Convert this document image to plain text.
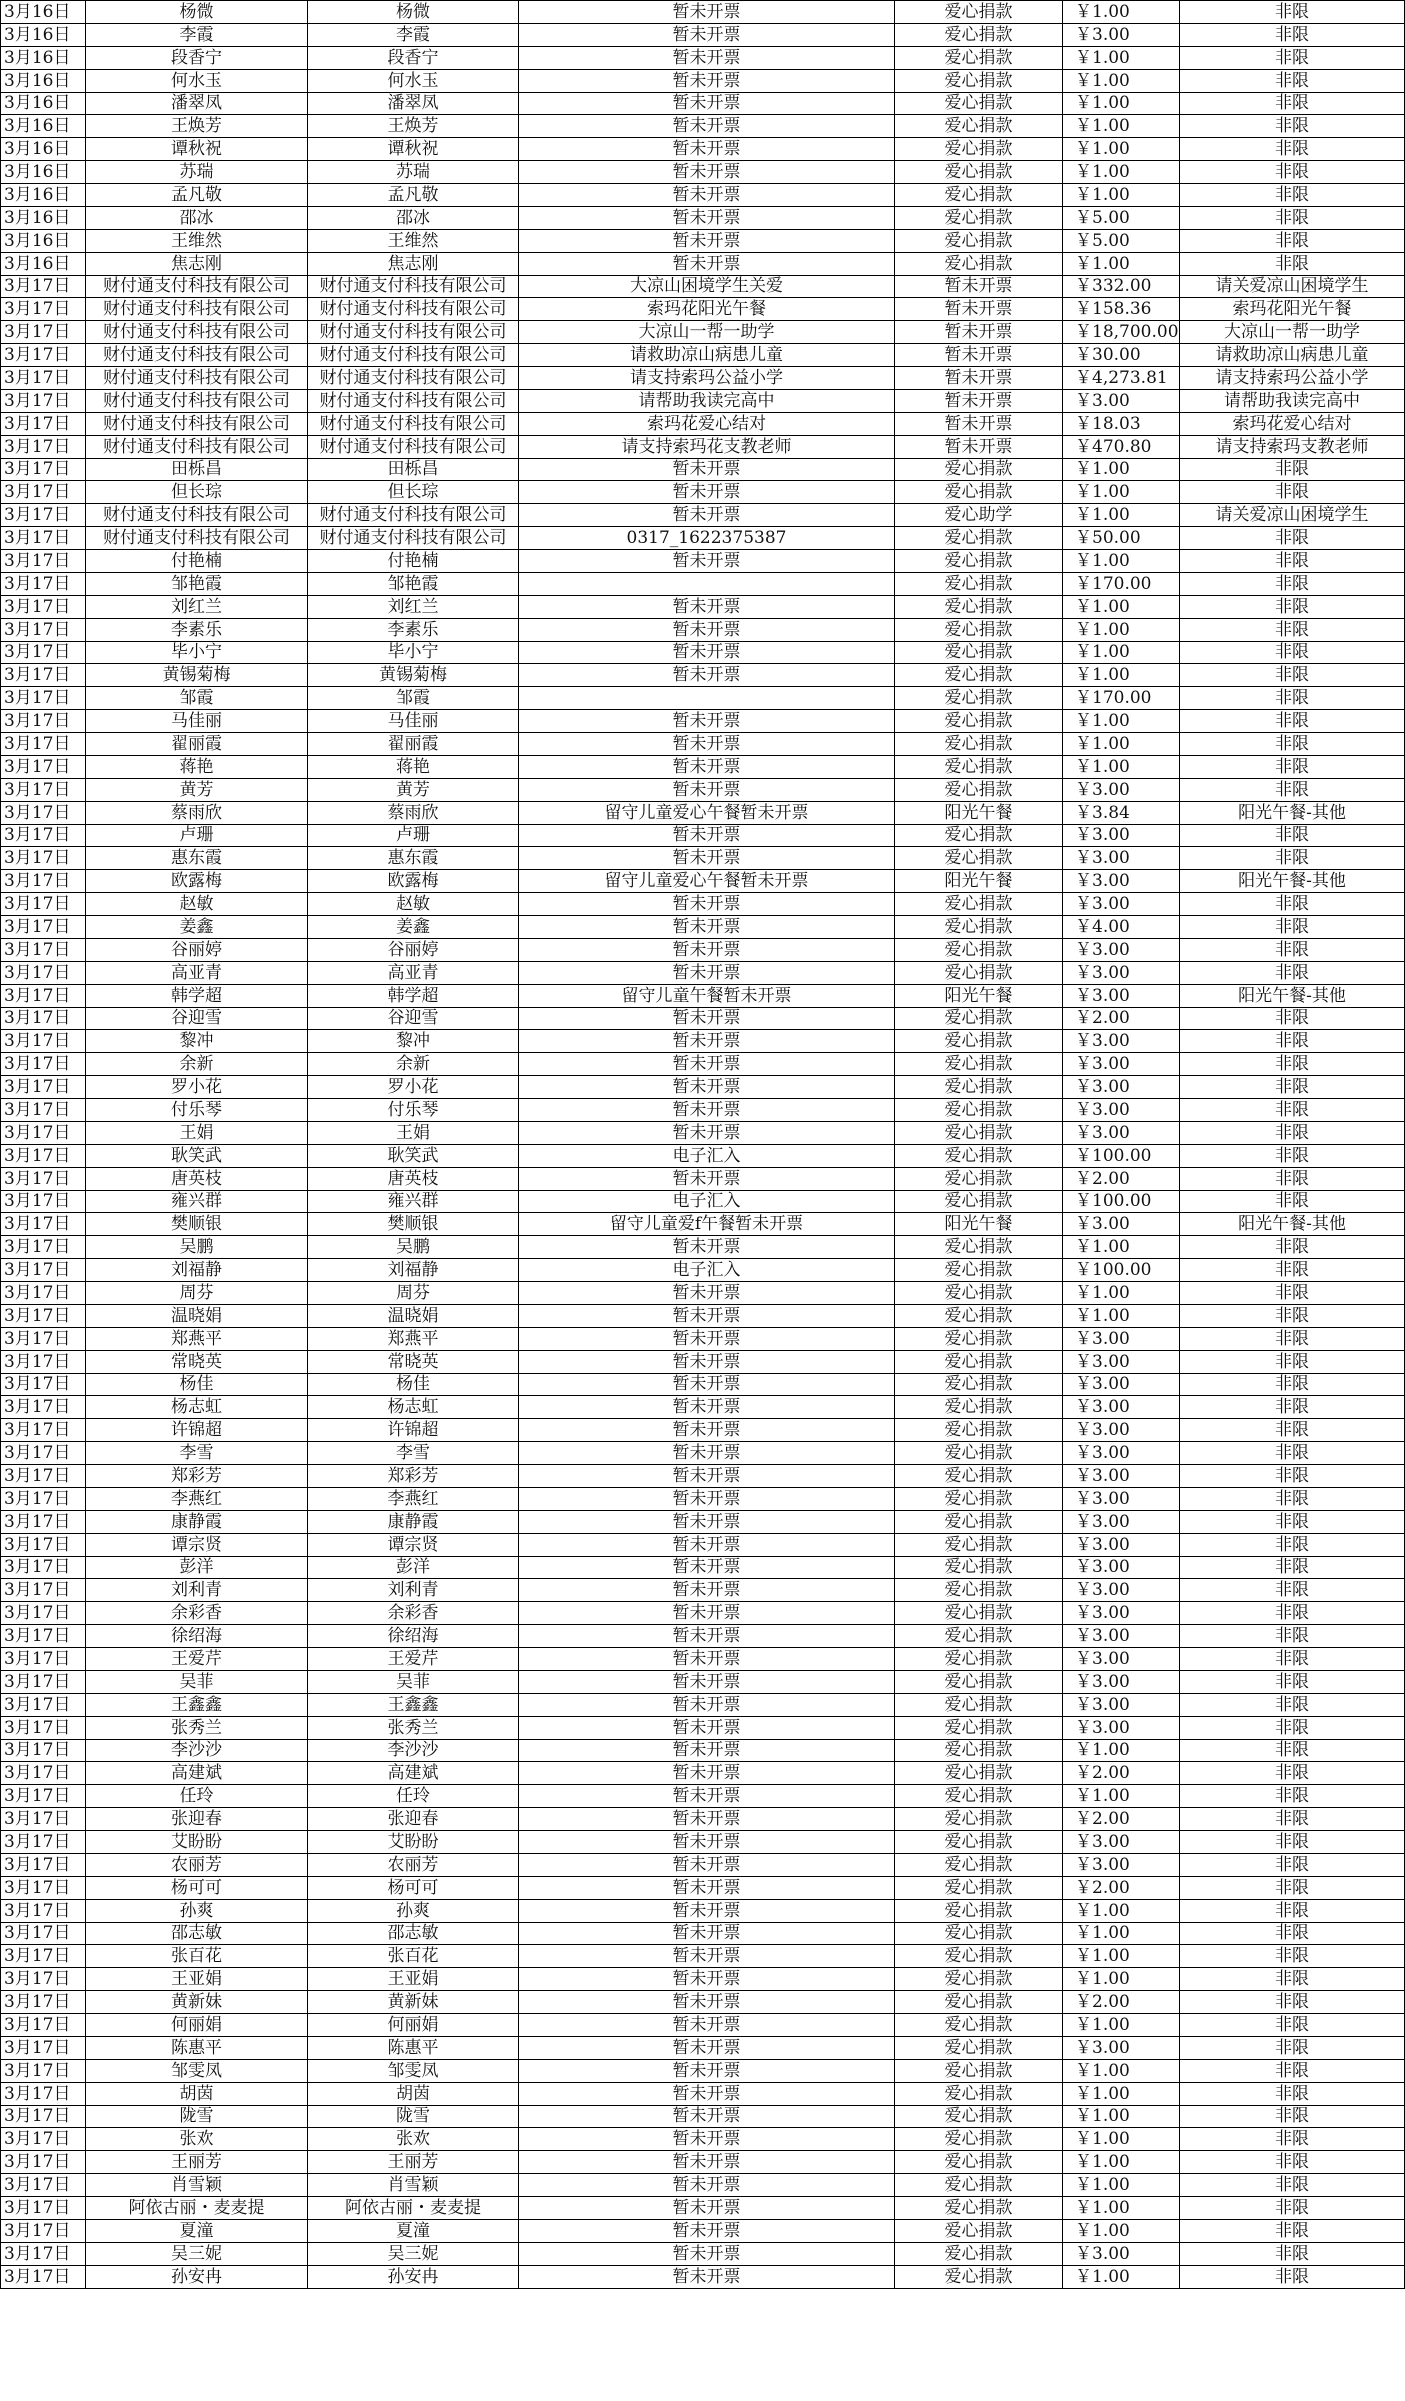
3月16日	杨微	杨微	暂未开票	爱心捐款	￥1.00	非限
3月16日	李霞	李霞	暂未开票	爱心捐款	￥3.00	非限
3月16日	段香宁	段香宁	暂未开票	爱心捐款	￥1.00	非限
3月16日	何水玉	何水玉	暂未开票	爱心捐款	￥1.00	非限
3月16日	潘翠凤	潘翠凤	暂未开票	爱心捐款	￥1.00	非限
3月16日	王焕芳	王焕芳	暂未开票	爱心捐款	￥1.00	非限
3月16日	谭秋祝	谭秋祝	暂未开票	爱心捐款	￥1.00	非限
3月16日	苏瑞	苏瑞	暂未开票	爱心捐款	￥1.00	非限
3月16日	孟凡敬	孟凡敬	暂未开票	爱心捐款	￥1.00	非限
3月16日	邵冰	邵冰	暂未开票	爱心捐款	￥5.00	非限
3月16日	王维然	王维然	暂未开票	爱心捐款	￥5.00	非限
3月16日	焦志刚	焦志刚	暂未开票	爱心捐款	￥1.00	非限
3月17日	财付通支付科技有限公司	财付通支付科技有限公司	大凉山困境学生关爱	暂未开票	￥332.00	请关爱凉山困境学生
3月17日	财付通支付科技有限公司	财付通支付科技有限公司	索玛花阳光午餐	暂未开票	￥158.36	索玛花阳光午餐
3月17日	财付通支付科技有限公司	财付通支付科技有限公司	大凉山一帮一助学	暂未开票	￥18,700.00	大凉山一帮一助学
3月17日	财付通支付科技有限公司	财付通支付科技有限公司	请救助凉山病患儿童	暂未开票	￥30.00	请救助凉山病患儿童
3月17日	财付通支付科技有限公司	财付通支付科技有限公司	请支持索玛公益小学	暂未开票	￥4,273.81	请支持索玛公益小学
3月17日	财付通支付科技有限公司	财付通支付科技有限公司	请帮助我读完高中	暂未开票	￥3.00	请帮助我读完高中
3月17日	财付通支付科技有限公司	财付通支付科技有限公司	索玛花爱心结对	暂未开票	￥18.03	索玛花爱心结对
3月17日	财付通支付科技有限公司	财付通支付科技有限公司	请支持索玛花支教老师	暂未开票	￥470.80	请支持索玛支教老师
3月17日	田栎昌	田栎昌	暂未开票	爱心捐款	￥1.00	非限
3月17日	但长琮	但长琮	暂未开票	爱心捐款	￥1.00	非限
3月17日	财付通支付科技有限公司	财付通支付科技有限公司	暂未开票	爱心助学	￥1.00	请关爱凉山困境学生
3月17日	财付通支付科技有限公司	财付通支付科技有限公司	0317_1622375387	爱心捐款	￥50.00	非限
3月17日	付艳楠	付艳楠	暂未开票	爱心捐款	￥1.00	非限
3月17日	邹艳霞	邹艳霞		爱心捐款	￥170.00	非限
3月17日	刘红兰	刘红兰	暂未开票	爱心捐款	￥1.00	非限
3月17日	李素乐	李素乐	暂未开票	爱心捐款	￥1.00	非限
3月17日	毕小宁	毕小宁	暂未开票	爱心捐款	￥1.00	非限
3月17日	黄锡菊梅	黄锡菊梅	暂未开票	爱心捐款	￥1.00	非限
3月17日	邹霞	邹霞		爱心捐款	￥170.00	非限
3月17日	马佳丽	马佳丽	暂未开票	爱心捐款	￥1.00	非限
3月17日	翟丽霞	翟丽霞	暂未开票	爱心捐款	￥1.00	非限
3月17日	蒋艳	蒋艳	暂未开票	爱心捐款	￥1.00	非限
3月17日	黄芳	黄芳	暂未开票	爱心捐款	￥3.00	非限
3月17日	蔡雨欣	蔡雨欣	留守儿童爱心午餐暂未开票	阳光午餐	￥3.84	阳光午餐-其他
3月17日	卢珊	卢珊	暂未开票	爱心捐款	￥3.00	非限
3月17日	惠东霞	惠东霞	暂未开票	爱心捐款	￥3.00	非限
3月17日	欧露梅	欧露梅	留守儿童爱心午餐暂未开票	阳光午餐	￥3.00	阳光午餐-其他
3月17日	赵敏	赵敏	暂未开票	爱心捐款	￥3.00	非限
3月17日	姜鑫	姜鑫	暂未开票	爱心捐款	￥4.00	非限
3月17日	谷丽婷	谷丽婷	暂未开票	爱心捐款	￥3.00	非限
3月17日	高亚青	高亚青	暂未开票	爱心捐款	￥3.00	非限
3月17日	韩学超	韩学超	留守儿童午餐暂未开票	阳光午餐	￥3.00	阳光午餐-其他
3月17日	谷迎雪	谷迎雪	暂未开票	爱心捐款	￥2.00	非限
3月17日	黎冲	黎冲	暂未开票	爱心捐款	￥3.00	非限
3月17日	余新	余新	暂未开票	爱心捐款	￥3.00	非限
3月17日	罗小花	罗小花	暂未开票	爱心捐款	￥3.00	非限
3月17日	付乐琴	付乐琴	暂未开票	爱心捐款	￥3.00	非限
3月17日	王娟	王娟	暂未开票	爱心捐款	￥3.00	非限
3月17日	耿笑武	耿笑武	电子汇入	爱心捐款	￥100.00	非限
3月17日	唐英枝	唐英枝	暂未开票	爱心捐款	￥2.00	非限
3月17日	雍兴群	雍兴群	电子汇入	爱心捐款	￥100.00	非限
3月17日	樊顺银	樊顺银	留守儿童爱f午餐暂未开票	阳光午餐	￥3.00	阳光午餐-其他
3月17日	吴鹏	吴鹏	暂未开票	爱心捐款	￥1.00	非限
3月17日	刘福静	刘福静	电子汇入	爱心捐款	￥100.00	非限
3月17日	周芬	周芬	暂未开票	爱心捐款	￥1.00	非限
3月17日	温晓娟	温晓娟	暂未开票	爱心捐款	￥1.00	非限
3月17日	郑燕平	郑燕平	暂未开票	爱心捐款	￥3.00	非限
3月17日	常晓英	常晓英	暂未开票	爱心捐款	￥3.00	非限
3月17日	杨佳	杨佳	暂未开票	爱心捐款	￥3.00	非限
3月17日	杨志虹	杨志虹	暂未开票	爱心捐款	￥3.00	非限
3月17日	许锦超	许锦超	暂未开票	爱心捐款	￥3.00	非限
3月17日	李雪	李雪	暂未开票	爱心捐款	￥3.00	非限
3月17日	郑彩芳	郑彩芳	暂未开票	爱心捐款	￥3.00	非限
3月17日	李燕红	李燕红	暂未开票	爱心捐款	￥3.00	非限
3月17日	康静霞	康静霞	暂未开票	爱心捐款	￥3.00	非限
3月17日	谭宗贤	谭宗贤	暂未开票	爱心捐款	￥3.00	非限
3月17日	彭洋	彭洋	暂未开票	爱心捐款	￥3.00	非限
3月17日	刘利青	刘利青	暂未开票	爱心捐款	￥3.00	非限
3月17日	余彩香	余彩香	暂未开票	爱心捐款	￥3.00	非限
3月17日	徐绍海	徐绍海	暂未开票	爱心捐款	￥3.00	非限
3月17日	王爱芹	王爱芹	暂未开票	爱心捐款	￥3.00	非限
3月17日	吴菲	吴菲	暂未开票	爱心捐款	￥3.00	非限
3月17日	王鑫鑫	王鑫鑫	暂未开票	爱心捐款	￥3.00	非限
3月17日	张秀兰	张秀兰	暂未开票	爱心捐款	￥3.00	非限
3月17日	李沙沙	李沙沙	暂未开票	爱心捐款	￥1.00	非限
3月17日	高建斌	高建斌	暂未开票	爱心捐款	￥2.00	非限
3月17日	任玲	任玲	暂未开票	爱心捐款	￥1.00	非限
3月17日	张迎春	张迎春	暂未开票	爱心捐款	￥2.00	非限
3月17日	艾盼盼	艾盼盼	暂未开票	爱心捐款	￥3.00	非限
3月17日	农丽芳	农丽芳	暂未开票	爱心捐款	￥3.00	非限
3月17日	杨可可	杨可可	暂未开票	爱心捐款	￥2.00	非限
3月17日	孙爽	孙爽	暂未开票	爱心捐款	￥1.00	非限
3月17日	邵志敏	邵志敏	暂未开票	爱心捐款	￥1.00	非限
3月17日	张百花	张百花	暂未开票	爱心捐款	￥1.00	非限
3月17日	王亚娟	王亚娟	暂未开票	爱心捐款	￥1.00	非限
3月17日	黄新妹	黄新妹	暂未开票	爱心捐款	￥2.00	非限
3月17日	何丽娟	何丽娟	暂未开票	爱心捐款	￥1.00	非限
3月17日	陈惠平	陈惠平	暂未开票	爱心捐款	￥3.00	非限
3月17日	邹雯凤	邹雯凤	暂未开票	爱心捐款	￥1.00	非限
3月17日	胡茵	胡茵	暂未开票	爱心捐款	￥1.00	非限
3月17日	陇雪	陇雪	暂未开票	爱心捐款	￥1.00	非限
3月17日	张欢	张欢	暂未开票	爱心捐款	￥1.00	非限
3月17日	王丽芳	王丽芳	暂未开票	爱心捐款	￥1.00	非限
3月17日	肖雪颖	肖雪颖	暂未开票	爱心捐款	￥1.00	非限
3月17日	阿依古丽・麦麦提	阿依古丽・麦麦提	暂未开票	爱心捐款	￥1.00	非限
3月17日	夏潼	夏潼	暂未开票	爱心捐款	￥1.00	非限
3月17日	吴三妮	吴三妮	暂未开票	爱心捐款	￥3.00	非限
3月17日	孙安冉	孙安冉	暂未开票	爱心捐款	￥1.00	非限
